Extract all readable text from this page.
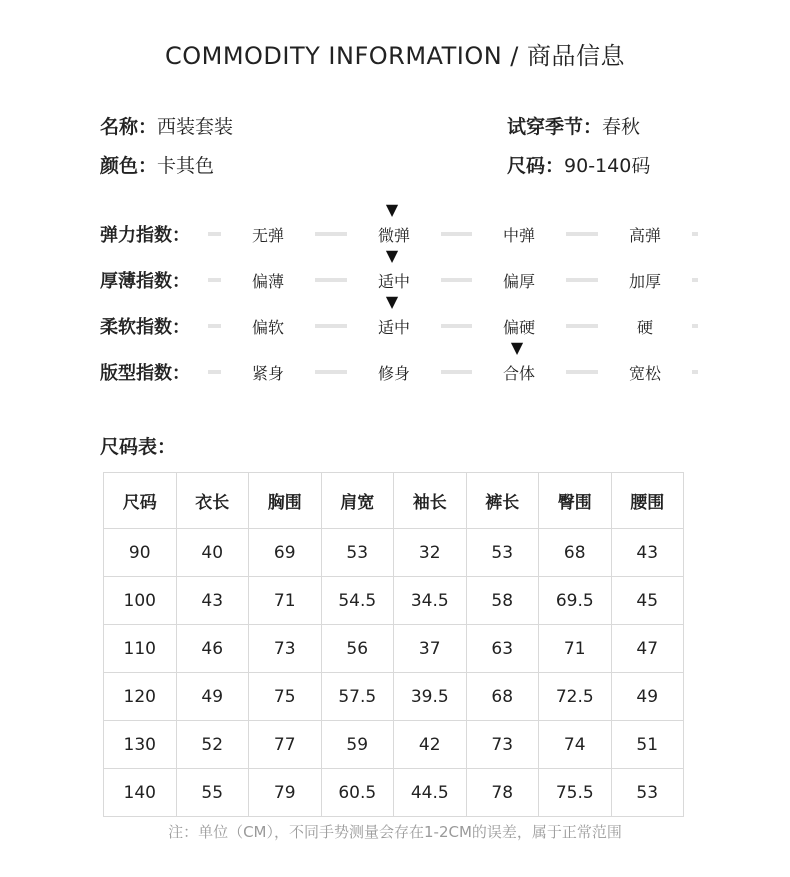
COMMODITY INFORMATION / 商品信息
名称：西装套装
颜色：卡其色
试穿季节：春秋
尺码：90-140码
弹力指数：	无弹	微弹	中弹	高弹
▼
厚薄指数：	偏薄	适中	偏厚	加厚
▼
柔软指数：	偏软	适中	偏硬	硬
▼
版型指数：	紧身	修身	合体	宽松
▼
尺码表：
尺码	衣长	胸围	肩宽	袖长	裤长	臀围	腰围
90	40	69	53	32	53	68	43
100	43	71	54.5	34.5	58	69.5	45
110	46	73	56	37	63	71	47
120	49	75	57.5	39.5	68	72.5	49
130	52	77	59	42	73	74	51
140	55	79	60.5	44.5	78	75.5	53
注：单位（CM），不同手势测量会存在1-2CM的误差，属于正常范围
